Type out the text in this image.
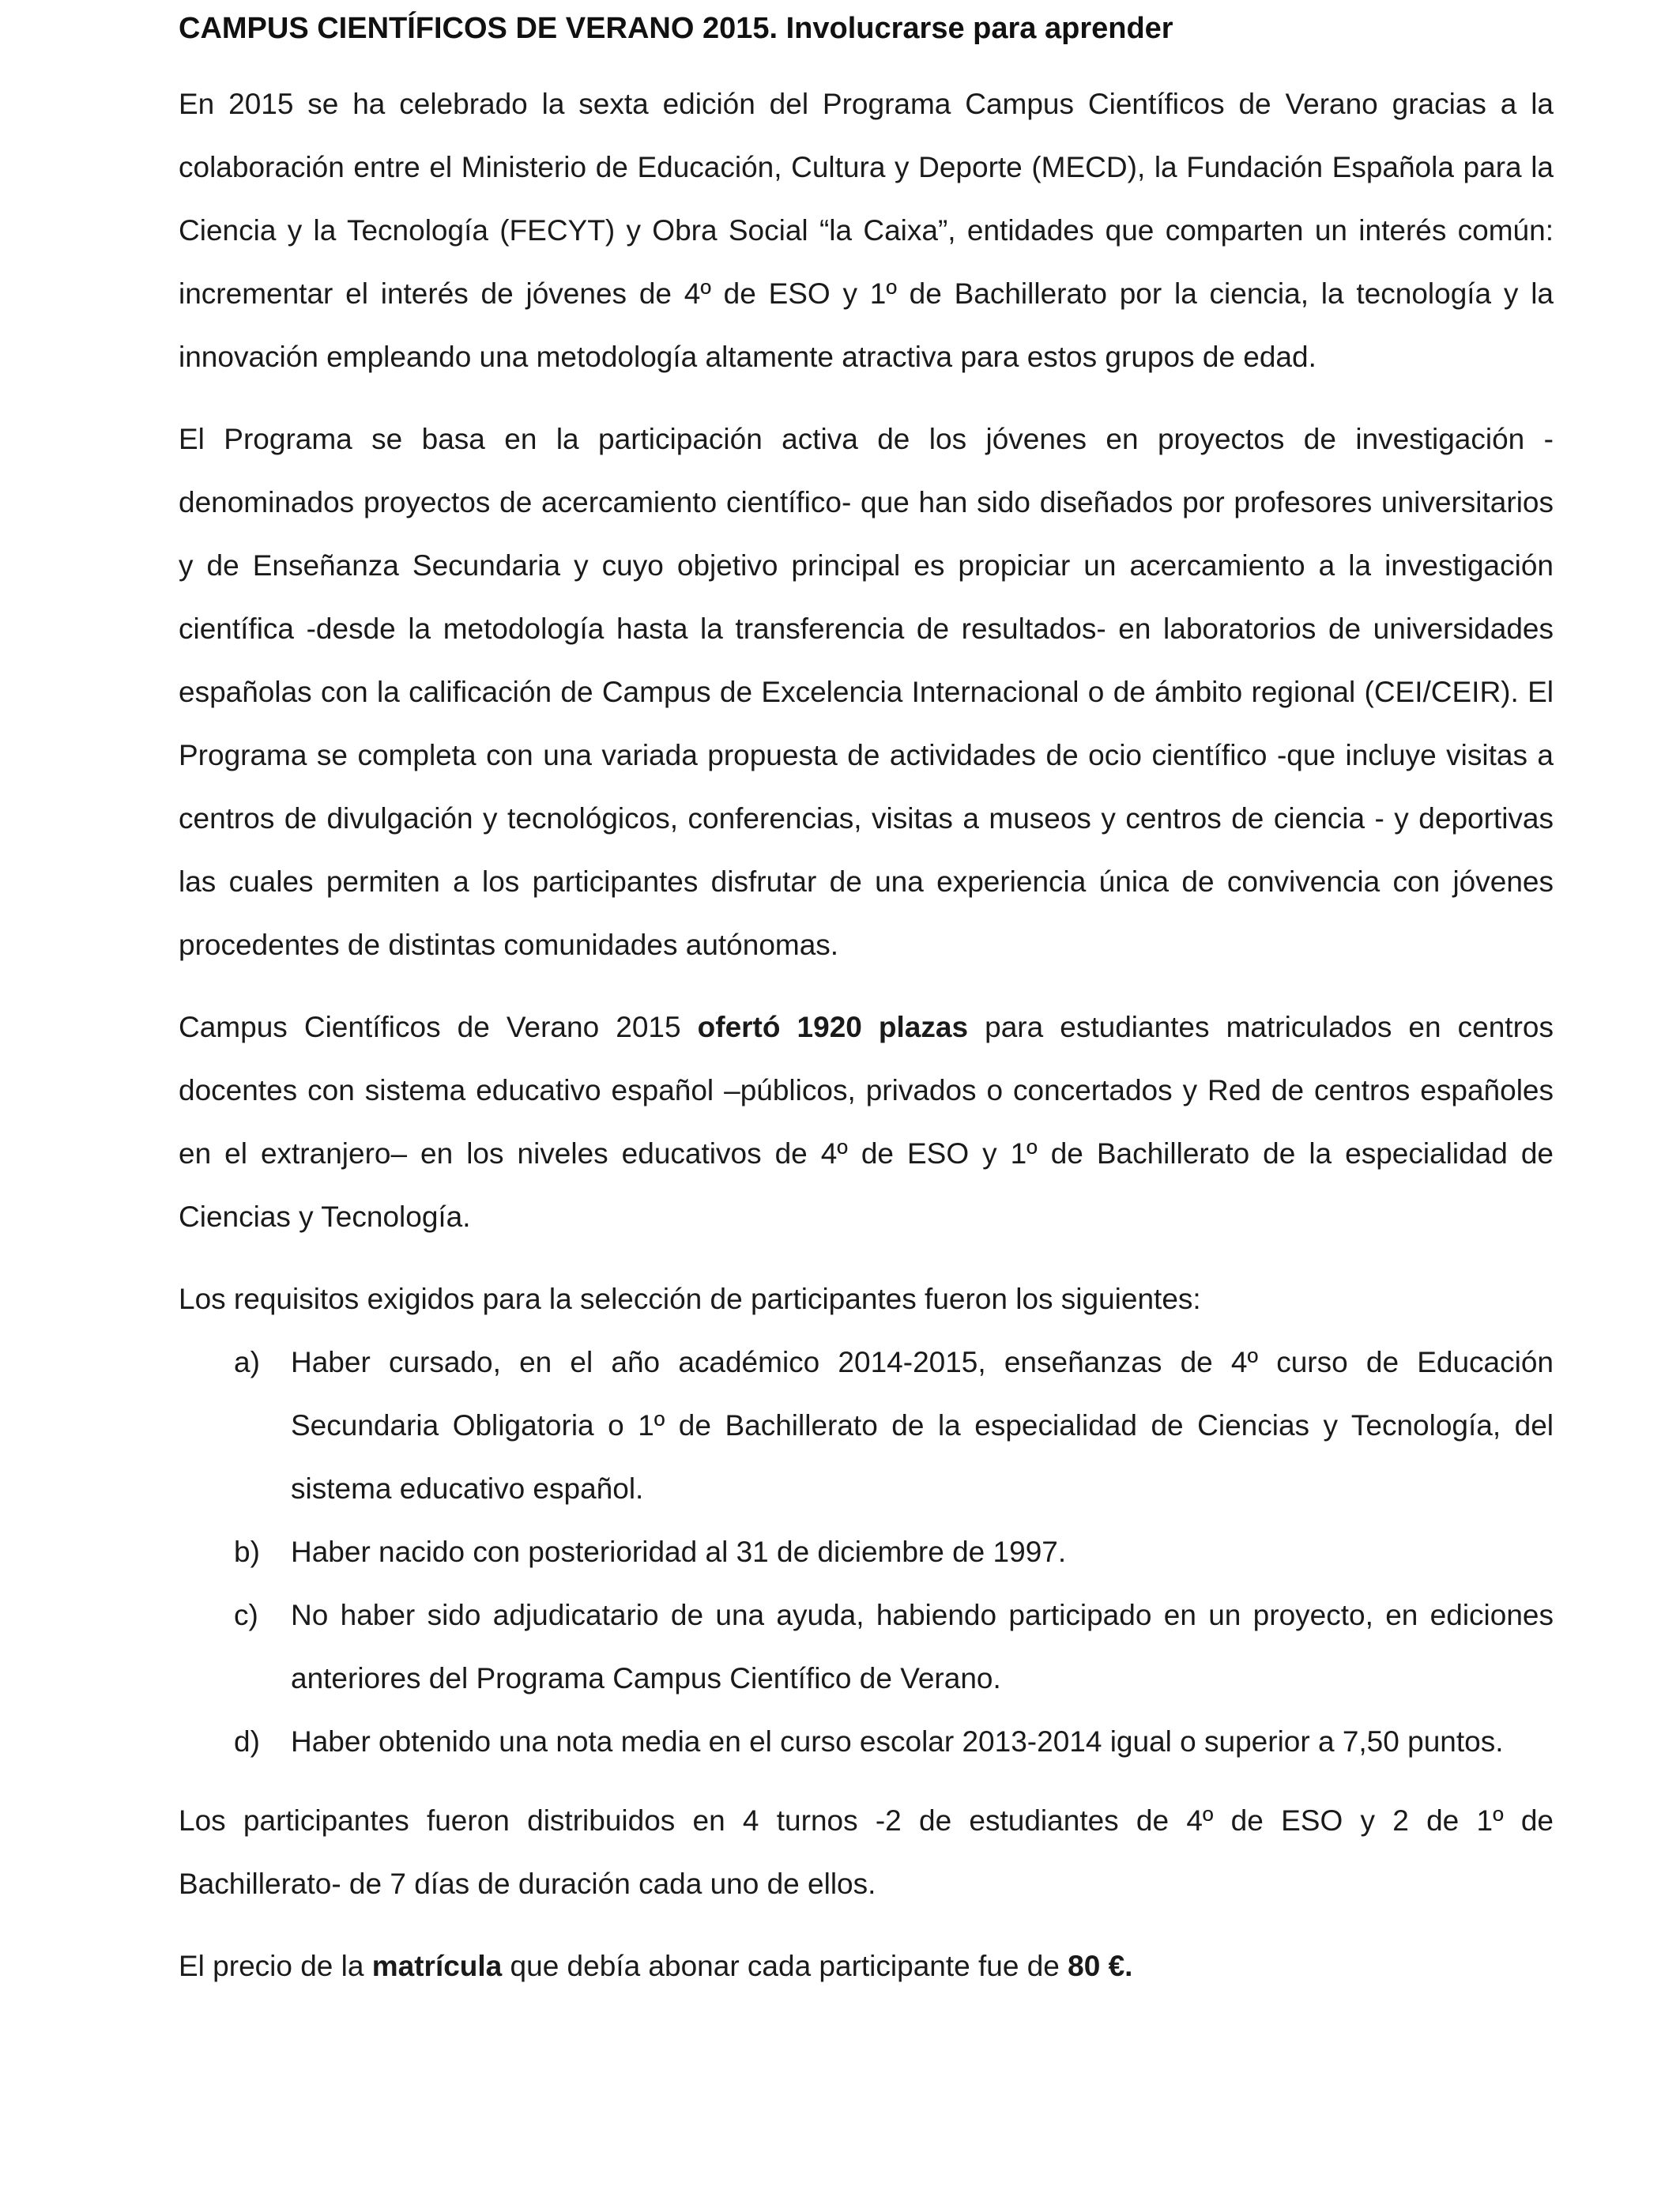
CAMPUS CIENTÍFICOS DE VERANO 2015. Involucrarse para aprender

En 2015 se ha celebrado la sexta edición del Programa Campus Científicos de Verano gracias a la colaboración entre el Ministerio de Educación, Cultura y Deporte (MECD), la Fundación Española para la Ciencia y la Tecnología (FECYT) y Obra Social “la Caixa”, entidades que comparten un interés común: incrementar el interés de jóvenes de 4º de ESO y 1º de Bachillerato por la ciencia, la tecnología y la innovación empleando una metodología altamente atractiva para estos grupos de edad.

El Programa se basa en la participación activa de los jóvenes en proyectos de investigación - denominados proyectos de acercamiento científico- que han sido diseñados por profesores universitarios y de Enseñanza Secundaria y cuyo objetivo principal es propiciar un acercamiento a la investigación científica -desde la metodología hasta la transferencia de resultados- en laboratorios de universidades españolas con la calificación de Campus de Excelencia Internacional o de ámbito regional (CEI/CEIR). El Programa se completa con una variada propuesta de actividades de ocio científico -que incluye visitas a centros de divulgación y tecnológicos, conferencias, visitas a museos y centros de ciencia - y deportivas las cuales permiten a los participantes disfrutar de una experiencia única de convivencia con jóvenes procedentes de distintas comunidades autónomas.

Campus Científicos de Verano 2015 ofertó 1920 plazas para estudiantes matriculados en centros docentes con sistema educativo español –públicos, privados o concertados y Red de centros españoles en el extranjero– en los niveles educativos de 4º de ESO y 1º de Bachillerato de la especialidad de Ciencias y Tecnología.

Los requisitos exigidos para la selección de participantes fueron los siguientes:

a) Haber cursado, en el año académico 2014-2015, enseñanzas de 4º curso de Educación Secundaria Obligatoria o 1º de Bachillerato de la especialidad de Ciencias y Tecnología, del sistema educativo español.
b) Haber nacido con posterioridad al 31 de diciembre de 1997.
c) No haber sido adjudicatario de una ayuda, habiendo participado en un proyecto, en ediciones anteriores del Programa Campus Científico de Verano.
d) Haber obtenido una nota media en el curso escolar 2013-2014 igual o superior a 7,50 puntos.

Los participantes fueron distribuidos en 4 turnos -2 de estudiantes de 4º de ESO y 2 de 1º de Bachillerato- de 7 días de duración cada uno de ellos.

El precio de la matrícula que debía abonar cada participante fue de 80 €.
